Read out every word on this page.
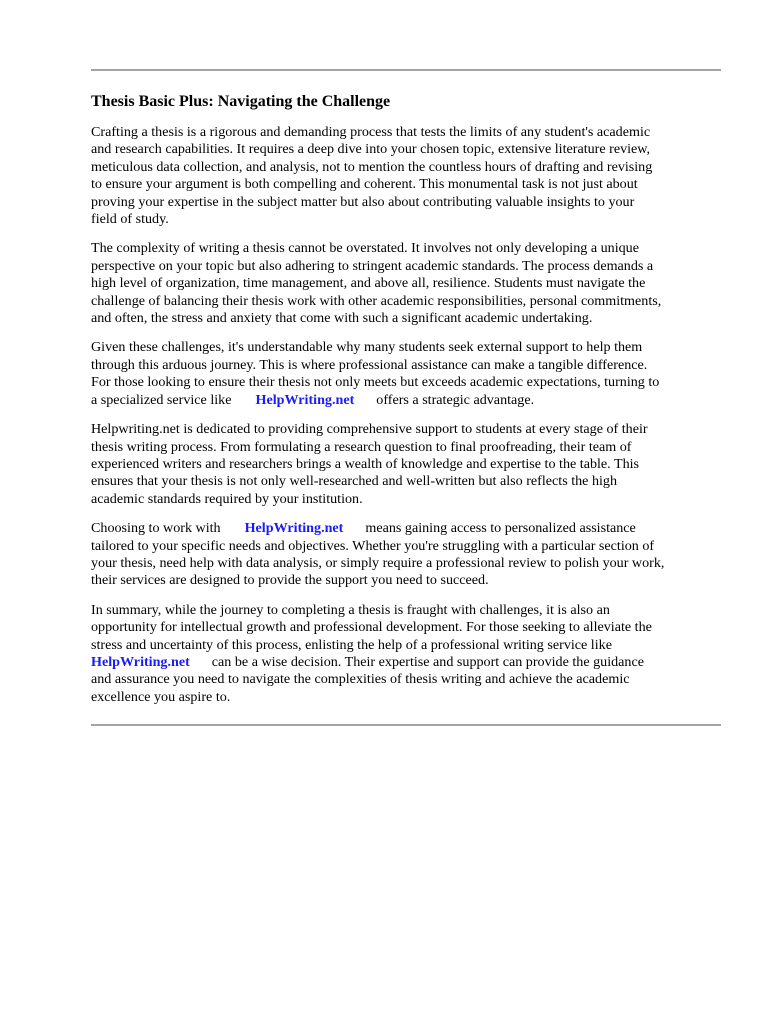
Thesis Basic Plus: Navigating the Challenge
Crafting a thesis is a rigorous and demanding process that tests the limits of any student's academic
and research capabilities. It requires a deep dive into your chosen topic, extensive literature review,
meticulous data collection, and analysis, not to mention the countless hours of drafting and revising
to ensure your argument is both compelling and coherent. This monumental task is not just about
proving your expertise in the subject matter but also about contributing valuable insights to your
field of study.
The complexity of writing a thesis cannot be overstated. It involves not only developing a unique
perspective on your topic but also adhering to stringent academic standards. The process demands a
high level of organization, time management, and above all, resilience. Students must navigate the
challenge of balancing their thesis work with other academic responsibilities, personal commitments,
and often, the stress and anxiety that come with such a significant academic undertaking.
Given these challenges, it's understandable why many students seek external support to help them
through this arduous journey. This is where professional assistance can make a tangible difference.
For those looking to ensure their thesis not only meets but exceeds academic expectations, turning to
a specialized service like HelpWriting.net offers a strategic advantage.
Helpwriting.net is dedicated to providing comprehensive support to students at every stage of their
thesis writing process. From formulating a research question to final proofreading, their team of
experienced writers and researchers brings a wealth of knowledge and expertise to the table. This
ensures that your thesis is not only well-researched and well-written but also reflects the high
academic standards required by your institution.
Choosing to work with HelpWriting.net means gaining access to personalized assistance
tailored to your specific needs and objectives. Whether you're struggling with a particular section of
your thesis, need help with data analysis, or simply require a professional review to polish your work,
their services are designed to provide the support you need to succeed.
In summary, while the journey to completing a thesis is fraught with challenges, it is also an
opportunity for intellectual growth and professional development. For those seeking to alleviate the
stress and uncertainty of this process, enlisting the help of a professional writing service like
HelpWriting.net can be a wise decision. Their expertise and support can provide the guidance
and assurance you need to navigate the complexities of thesis writing and achieve the academic
excellence you aspire to.
